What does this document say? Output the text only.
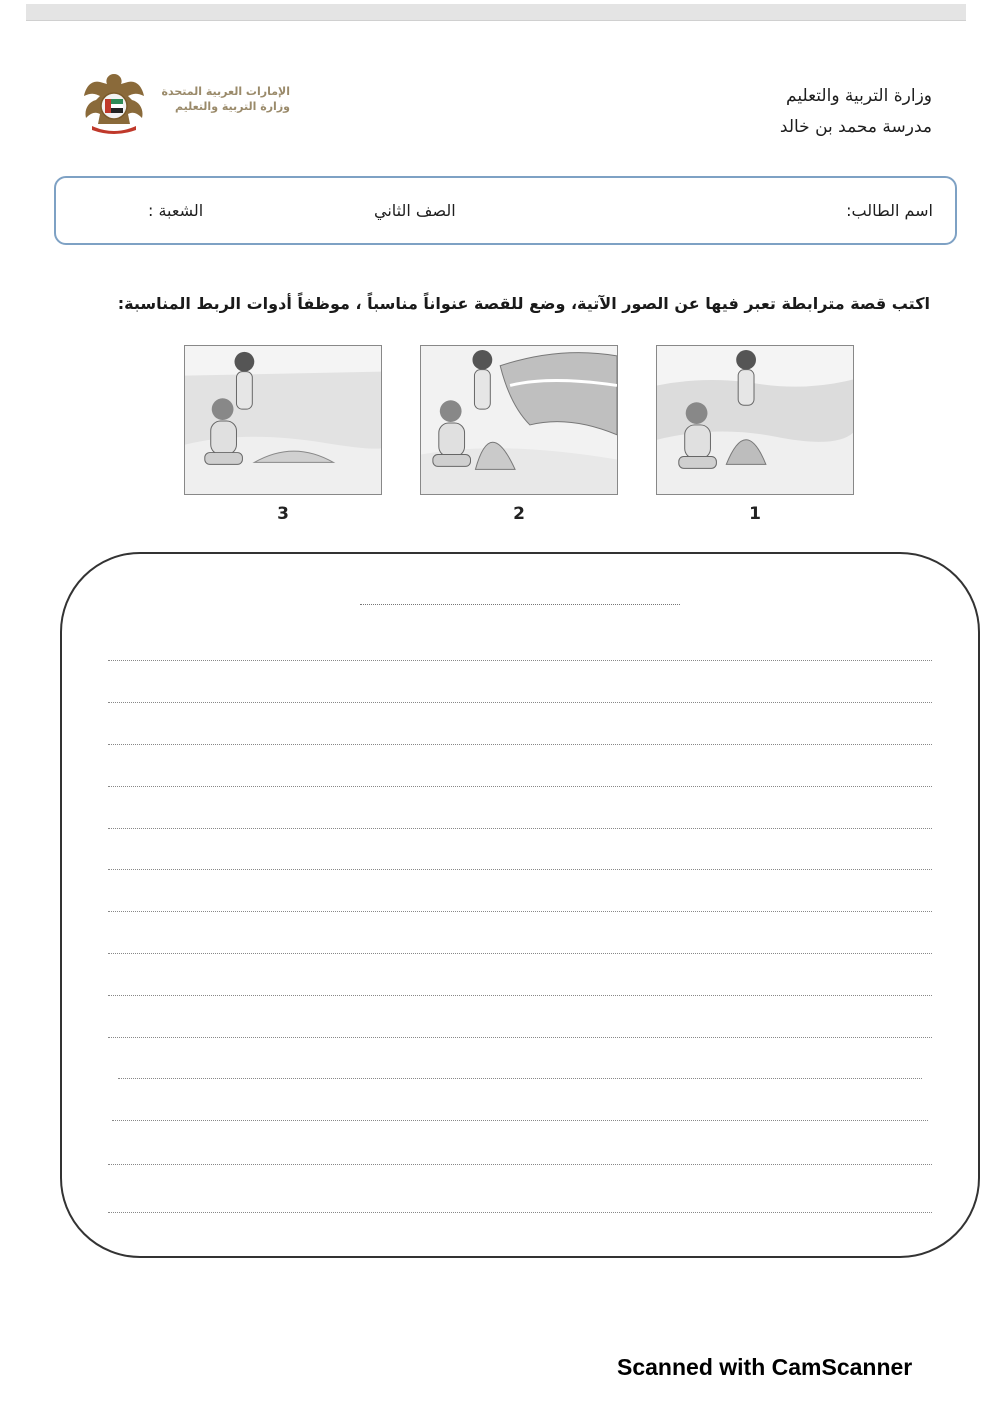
وزارة التربية والتعليم
مدرسة محمد بن خالد
الإمارات العربية المتحدة
وزارة التربية والتعليم
اسم الطالب:
الصف الثاني
الشعبة :
اكتب قصة مترابطة تعبر فيها عن الصور الآتية، وضع للقصة عنواناً مناسباً ، موظفاً أدوات الربط المناسبة:
1
2
3
Scanned with CamScanner
